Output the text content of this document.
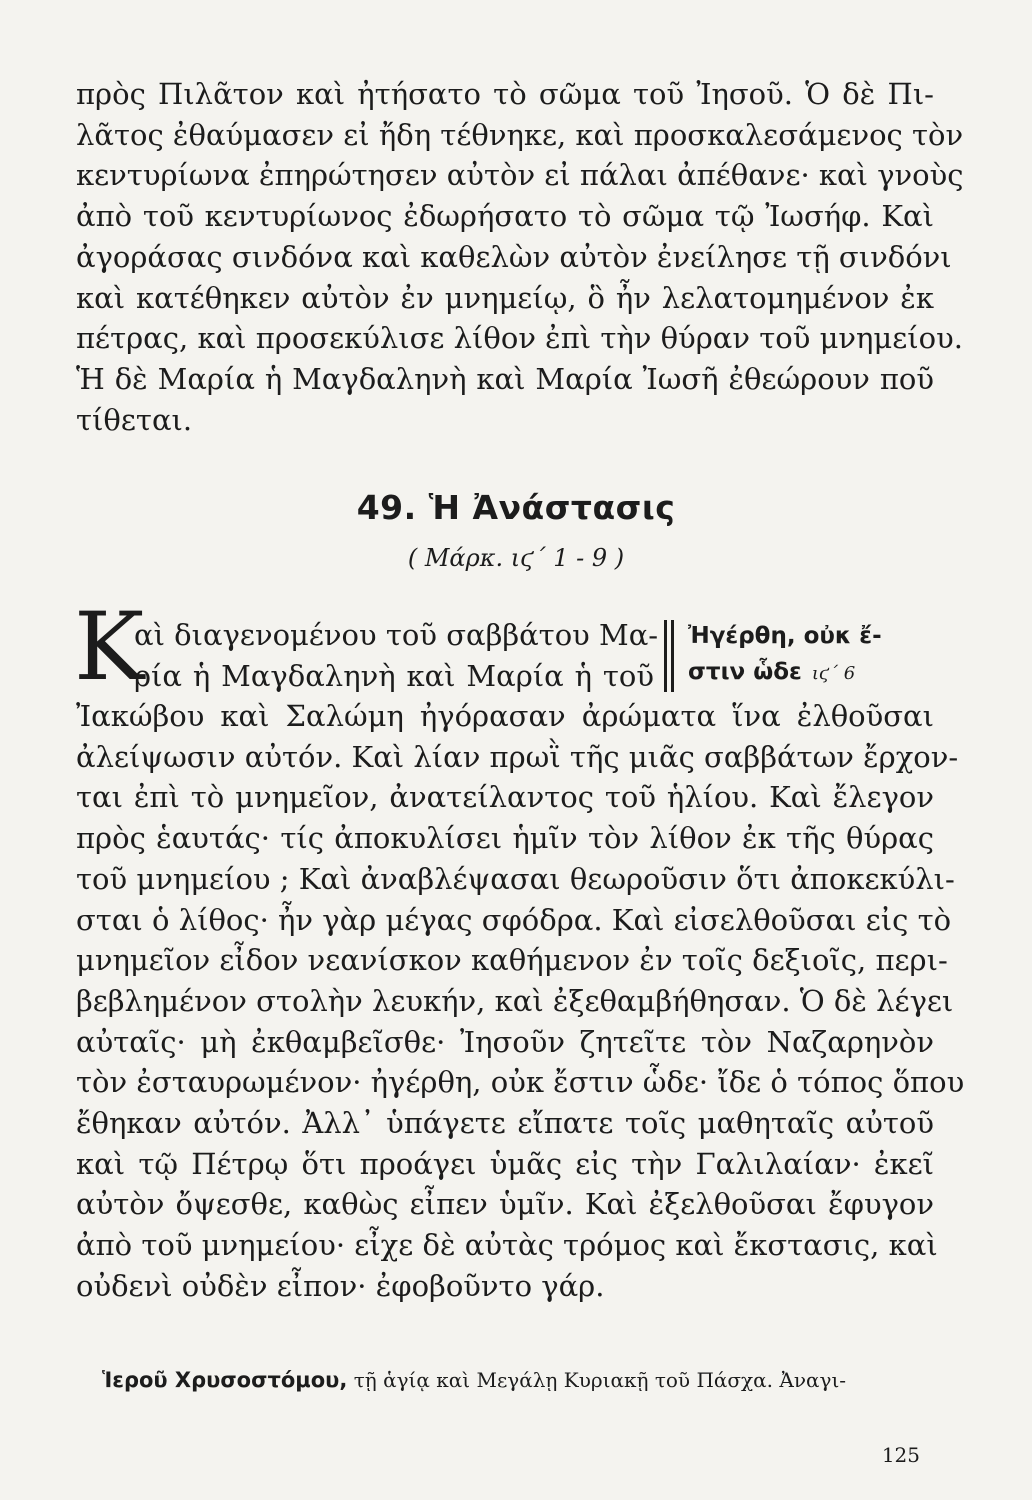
πρὸς Πιλᾶτον καὶ ἠτήσατο τὸ σῶμα τοῦ Ἰησοῦ. Ὁ δὲ Πι-
λᾶτος ἐθαύμασεν εἰ ἤδη τέθνηκε, καὶ προσκαλεσάμενος τὸν
κεντυρίωνα ἐπηρώτησεν αὐτὸν εἰ πάλαι ἀπέθανε· καὶ γνοὺς
ἀπὸ τοῦ κεντυρίωνος ἐδωρήσατο τὸ σῶμα τῷ Ἰωσήφ. Καὶ
ἀγοράσας σινδόνα καὶ καθελὼν αὐτὸν ἐνείλησε τῇ σινδόνι
καὶ κατέθηκεν αὐτὸν ἐν μνημείῳ, ὃ ἦν λελατομημένον ἐκ
πέτρας, καὶ προσεκύλισε λίθον ἐπὶ τὴν θύραν τοῦ μνημείου.
Ἡ δὲ Μαρία ἡ Μαγδαληνὴ καὶ Μαρία Ἰωσῆ ἐθεώρουν ποῦ
τίθεται.
49. Ἡ Ἀνάστασις
( Μάρκ. ιϛ΄ 1 - 9 )
Κ
αὶ διαγενομένου τοῦ σαββάτου Μα-
ρία ἡ Μαγδαληνὴ καὶ Μαρία ἡ τοῦ
Ἠγέρθη, οὐκ ἔ-
στιν ὧδε ιϛ΄ 6
Ἰακώβου καὶ Σαλώμη ἠγόρασαν ἀρώματα ἵνα ἐλθοῦσαι
ἀλείψωσιν αὐτόν. Καὶ λίαν πρωῒ τῆς μιᾶς σαββάτων ἔρχον-
ται ἐπὶ τὸ μνημεῖον, ἀνατείλαντος τοῦ ἡλίου. Καὶ ἔλεγον
πρὸς ἑαυτάς· τίς ἀποκυλίσει ἡμῖν τὸν λίθον ἐκ τῆς θύρας
τοῦ μνημείου ; Καὶ ἀναβλέψασαι θεωροῦσιν ὅτι ἀποκεκύλι-
σται ὁ λίθος· ἦν γὰρ μέγας σφόδρα. Καὶ εἰσελθοῦσαι εἰς τὸ
μνημεῖον εἶδον νεανίσκον καθήμενον ἐν τοῖς δεξιοῖς, περι-
βεβλημένον στολὴν λευκήν, καὶ ἐξεθαμβήθησαν. Ὁ δὲ λέγει
αὐταῖς· μὴ ἐκθαμβεῖσθε· Ἰησοῦν ζητεῖτε τὸν Ναζαρηνὸν
τὸν ἐσταυρωμένον· ἠγέρθη, οὐκ ἔστιν ὧδε· ἴδε ὁ τόπος ὅπου
ἔθηκαν αὐτόν. Ἀλλ᾽ ὑπάγετε εἴπατε τοῖς μαθηταῖς αὐτοῦ
καὶ τῷ Πέτρῳ ὅτι προάγει ὑμᾶς εἰς τὴν Γαλιλαίαν· ἐκεῖ
αὐτὸν ὄψεσθε, καθὼς εἶπεν ὑμῖν. Καὶ ἐξελθοῦσαι ἔφυγον
ἀπὸ τοῦ μνημείου· εἶχε δὲ αὐτὰς τρόμος καὶ ἔκστασις, καὶ
οὐδενὶ οὐδὲν εἶπον· ἐφοβοῦντο γάρ.
Ἱεροῦ Χρυσοστόμου, τῇ ἁγίᾳ καὶ Μεγάλῃ Κυριακῇ τοῦ Πάσχα. Ἀναγι-
125
